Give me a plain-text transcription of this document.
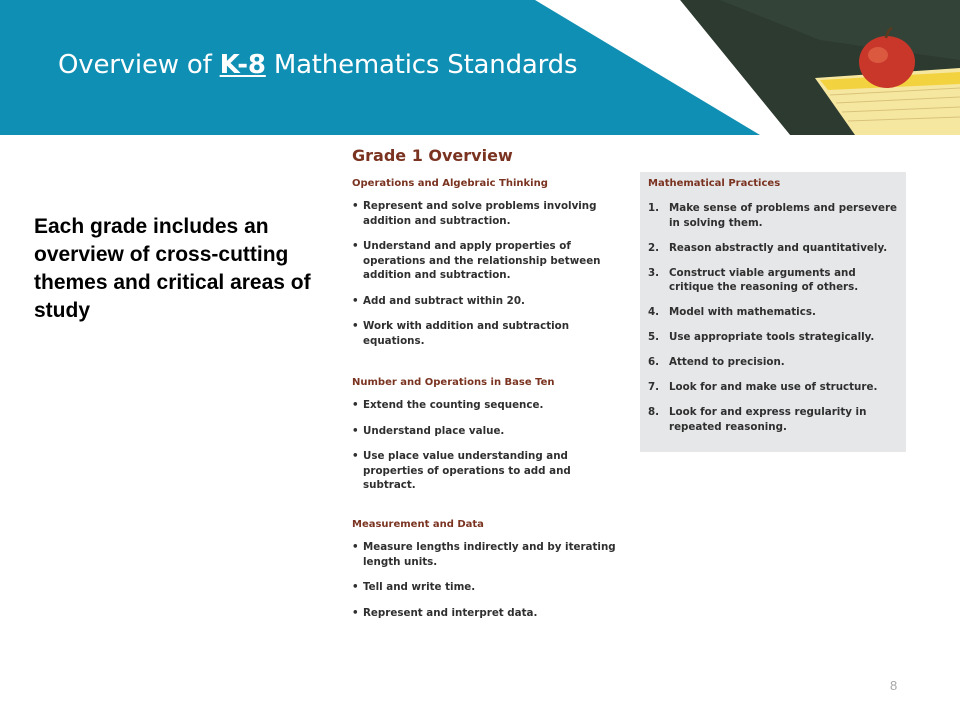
Overview of K-8 Mathematics Standards
Each grade includes an overview of cross-cutting themes and critical areas of study
Grade 1 Overview
Operations and Algebraic Thinking
• Represent and solve problems involving addition and subtraction.
• Understand and apply properties of operations and the relationship between addition and subtraction.
• Add and subtract within 20.
• Work with addition and subtraction equations.
Number and Operations in Base Ten
• Extend the counting sequence.
• Understand place value.
• Use place value understanding and properties of operations to add and subtract.
Measurement and Data
• Measure lengths indirectly and by iterating length units.
• Tell and write time.
• Represent and interpret data.
Mathematical Practices
1. Make sense of problems and persevere in solving them.
2. Reason abstractly and quantitatively.
3. Construct viable arguments and critique the reasoning of others.
4. Model with mathematics.
5. Use appropriate tools strategically.
6. Attend to precision.
7. Look for and make use of structure.
8. Look for and express regularity in repeated reasoning.
8
